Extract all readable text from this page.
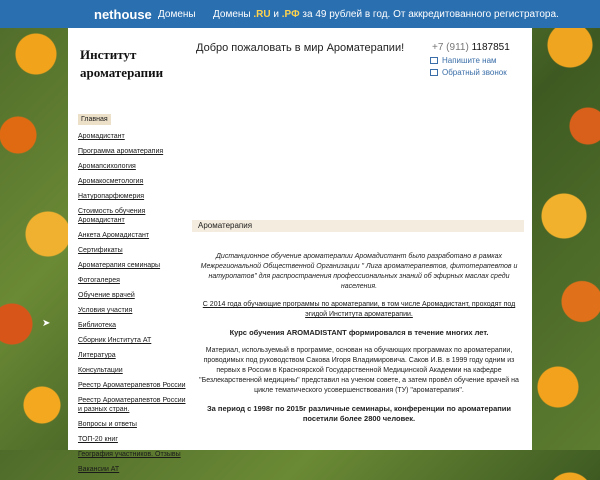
nethouse Домены Домены .RU и .РФ за 49 рублей в год. От аккредитованного регистратора.
Институт ароматерапии
Добро пожаловать в мир Ароматерапии!	+7 (911) 1187851
Напишите нам
Обратный звонок
Главная
Аромадистант
Программа ароматерапия
Аромапсихология
Аромакосметология
Натуропарфюмерия
Стоимость обучения Аромадистант
Анкета Аромадистант
Сертификаты
Ароматерапия семинары
Фотогалерея
Обучение врачей
Условия участия
Библиотека
Сборник Института АТ
Литература
Консультации
Реестр Ароматерапевтов России
Реестр Ароматерапевтов России и разных стран.
Вопросы и ответы
ТОП-20 книг
География участников. Отзывы
Вакансии АТ
Ароматерапия

Дистанционное обучение ароматерапии Аромадистант было разработано в рамках Межрегиональной Общественной Организации " Лига ароматерапевтов, фитотерапевтов и натуропатов" для распространения профессиональных знаний об эфирных маслах среди населения.

С 2014 года обучающие программы по ароматерапии, в том числе Аромадистант, проходят под эгидой Института ароматерапии.

Курс обучения AROMADISTANT формировался в течение многих лет.

Материал, используемый в программе, основан на обучающих программах по ароматерапии, проводимых под руководством Сакова Игоря Владимировича. Саков И.В. в 1999 году одним из первых в России в Красноярской Государственной Медицинской Академии на кафедре "Безлекарственной медицины" представил на ученом совете, а затем провёл обучение врачей на цикле тематического усовершенствования (ТУ) "ароматерапия".

За период с 1998г по 2015г различные семинары, конференции по ароматерапии посетили более 2800 человек.

➤
